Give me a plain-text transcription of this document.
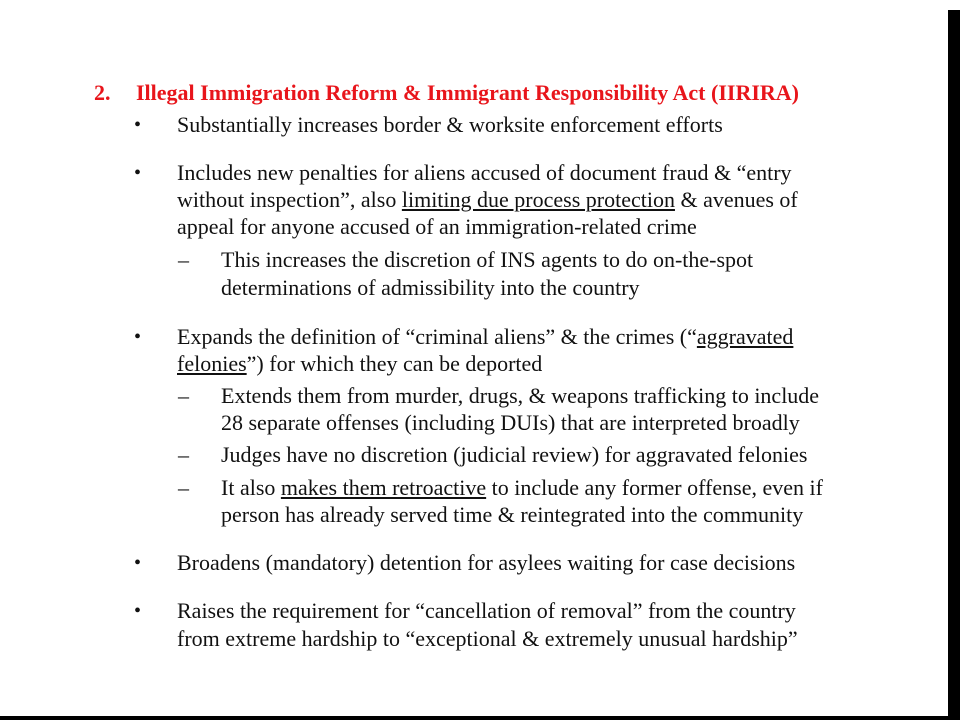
2. Illegal Immigration Reform & Immigrant Responsibility Act (IIRIRA)
• Substantially increases border & worksite enforcement efforts
• Includes new penalties for aliens accused of document fraud & “entry
without inspection”, also limiting due process protection & avenues of
appeal for anyone accused of an immigration-related crime
– This increases the discretion of INS agents to do on-the-spot
determinations of admissibility into the country
• Expands the definition of “criminal aliens” & the crimes (“aggravated
felonies”) for which they can be deported
– Extends them from murder, drugs, & weapons trafficking to include
28 separate offenses (including DUIs) that are interpreted broadly
– Judges have no discretion (judicial review) for aggravated felonies
– It also makes them retroactive to include any former offense, even if
person has already served time & reintegrated into the community
• Broadens (mandatory) detention for asylees waiting for case decisions
• Raises the requirement for “cancellation of removal” from the country
from extreme hardship to “exceptional & extremely unusual hardship”
